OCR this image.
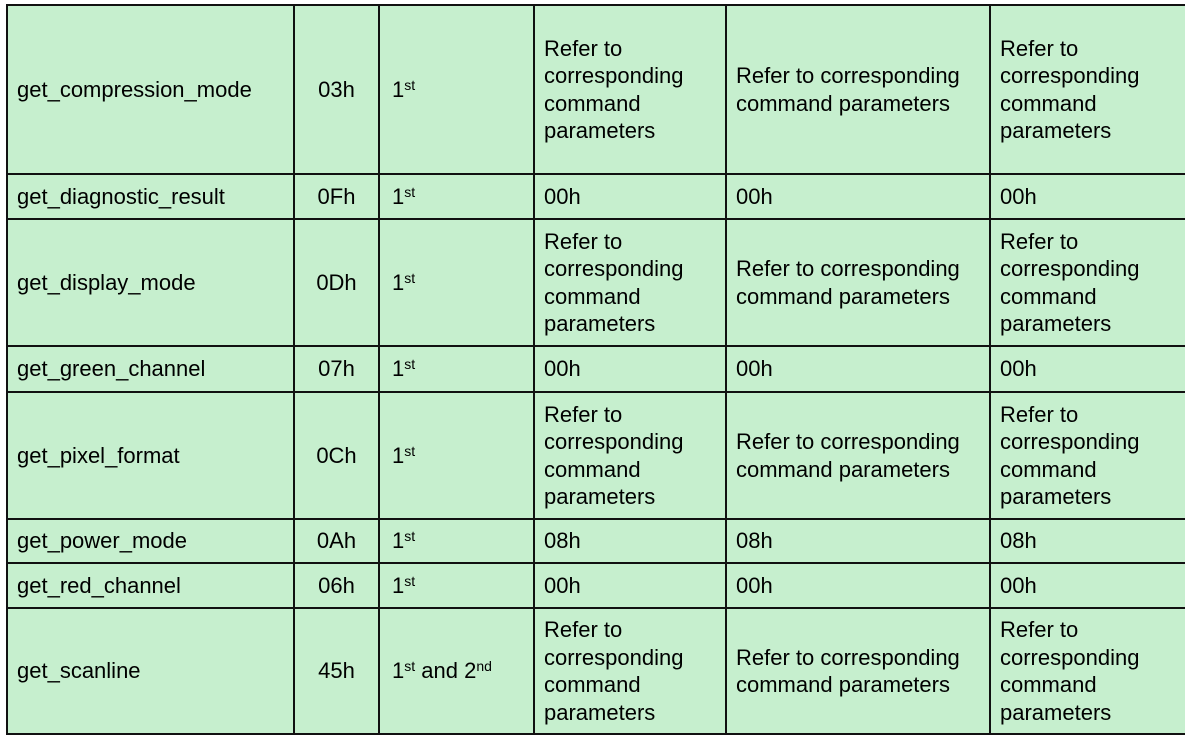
get_compression_mode	03h	1st	Refer to corresponding command parameters	Refer to corresponding command parameters	Refer to corresponding command parameters
get_diagnostic_result	0Fh	1st	00h	00h	00h
get_display_mode	0Dh	1st	Refer to corresponding command parameters	Refer to corresponding command parameters	Refer to corresponding command parameters
get_green_channel	07h	1st	00h	00h	00h
get_pixel_format	0Ch	1st	Refer to corresponding command parameters	Refer to corresponding command parameters	Refer to corresponding command parameters
get_power_mode	0Ah	1st	08h	08h	08h
get_red_channel	06h	1st	00h	00h	00h
get_scanline	45h	1st and 2nd	Refer to corresponding command parameters	Refer to corresponding command parameters	Refer to corresponding command parameters
